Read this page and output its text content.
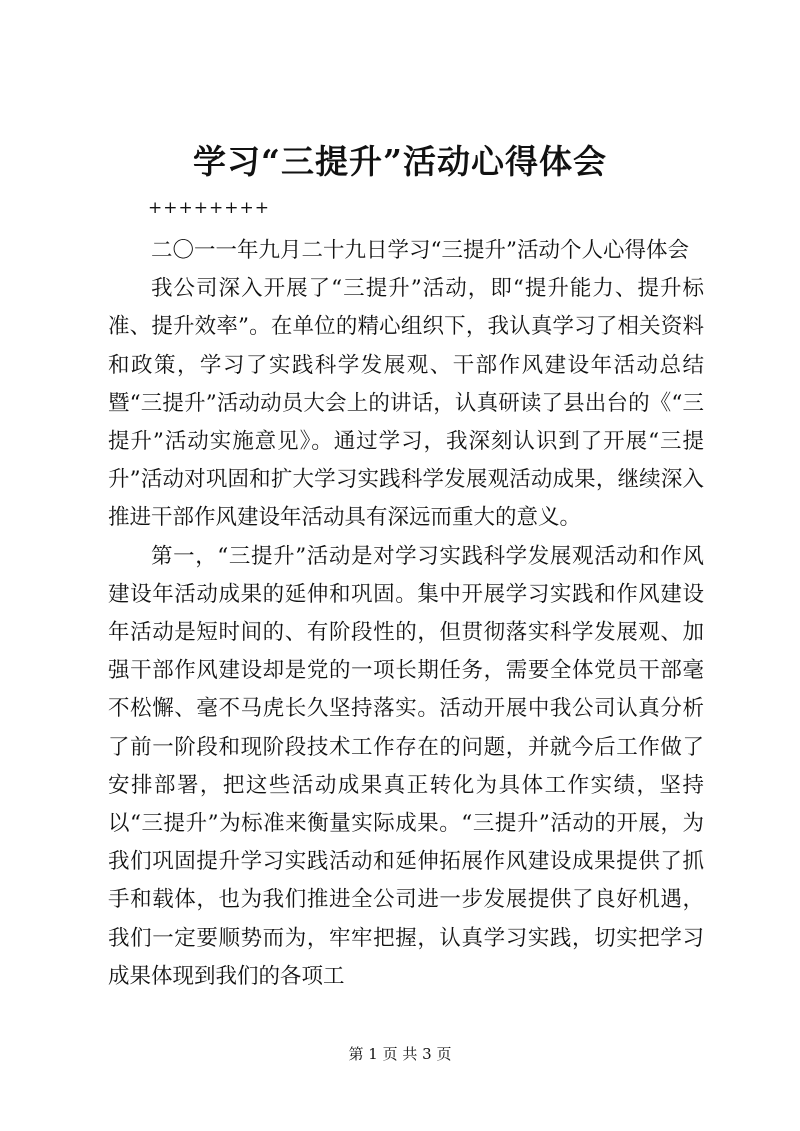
学习“三提升”活动心得体会
++++++++

二〇一一年九月二十九日学习“三提升”活动个人心得体会

我公司深入开展了“三提升”活动，即“提升能力、提升标准、提升效率”。在单位的精心组织下，我认真学习了相关资料和政策，学习了实践科学发展观、干部作风建设年活动总结暨“三提升”活动动员大会上的讲话，认真研读了县出台的《“三提升”活动实施意见》。通过学习，我深刻认识到了开展“三提升”活动对巩固和扩大学习实践科学发展观活动成果，继续深入推进干部作风建设年活动具有深远而重大的意义。

第一，“三提升”活动是对学习实践科学发展观活动和作风建设年活动成果的延伸和巩固。集中开展学习实践和作风建设年活动是短时间的、有阶段性的，但贯彻落实科学发展观、加强干部作风建设却是党的一项长期任务，需要全体党员干部毫不松懈、毫不马虎长久坚持落实。活动开展中我公司认真分析了前一阶段和现阶段技术工作存在的问题，并就今后工作做了安排部署，把这些活动成果真正转化为具体工作实绩，坚持以“三提升”为标准来衡量实际成果。“三提升”活动的开展，为我们巩固提升学习实践活动和延伸拓展作风建设成果提供了抓手和载体，也为我们推进全公司进一步发展提供了良好机遇，我们一定要顺势而为，牢牢把握，认真学习实践，切实把学习成果体现到我们的各项工

第 1 页 共 3 页
